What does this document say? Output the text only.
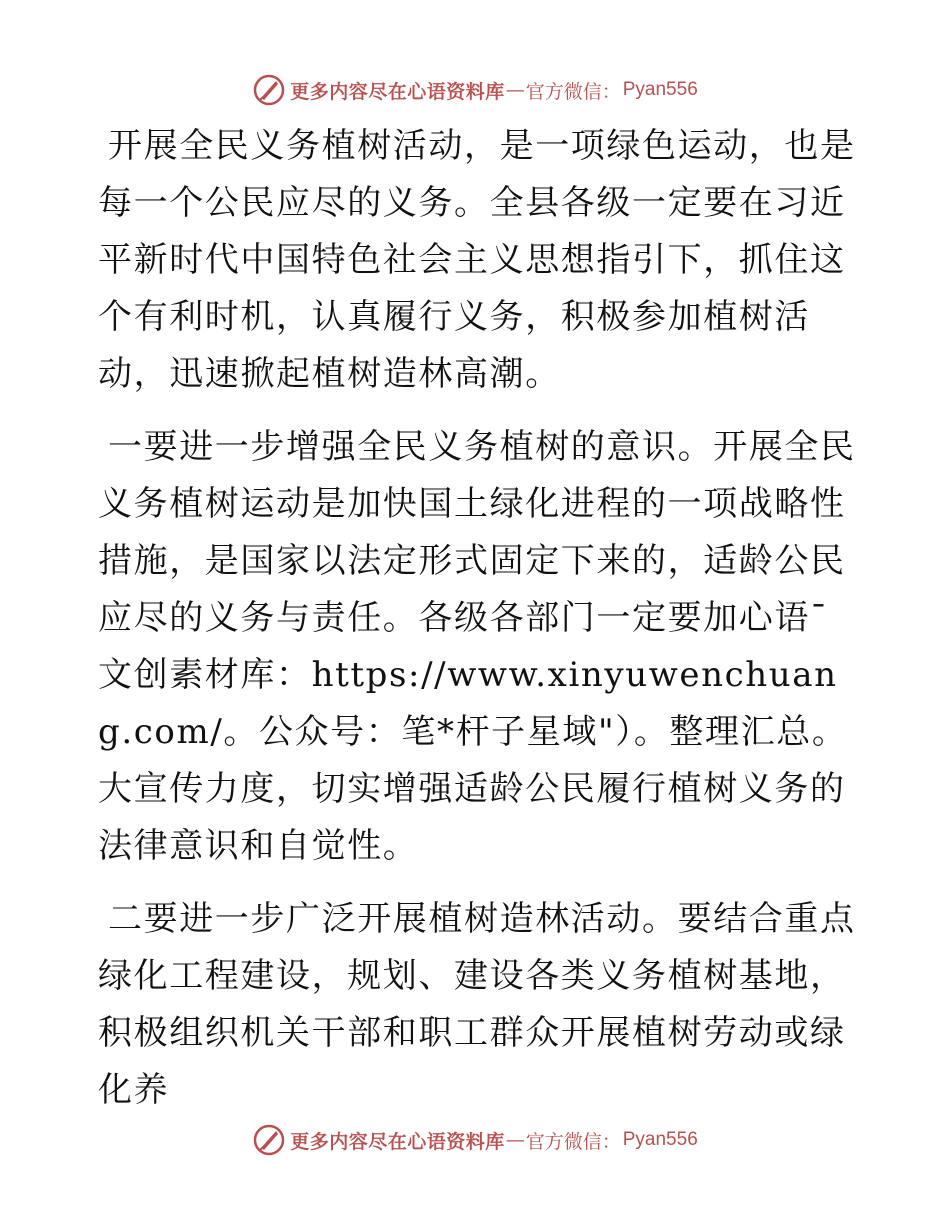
更多内容尽在心语资料库 — 官方微信： Pyan556

开展全民义务植树活动，是一项绿色运动，也是每一个公民应尽的义务。全县各级一定要在习近平新时代中国特色社会主义思想指引下，抓住这个有利时机，认真履行义务，积极参加植树活动，迅速掀起植树造林高潮。

一要进一步增强全民义务植树的意识。开展全民义务植树运动是加快国土绿化进程的一项战略性措施，是国家以法定形式固定下来的，适龄公民应尽的义务与责任。各级各部门一定要加心语¯文创素材库：https://www.xinyuwenchuang.com/。公众号：笔*杆子星域"）。整理汇总。大宣传力度，切实增强适龄公民履行植树义务的法律意识和自觉性。

二要进一步广泛开展植树造林活动。要结合重点绿化工程建设，规划、建设各类义务植树基地，积极组织机关干部和职工群众开展植树劳动或绿化养

更多内容尽在心语资料库 — 官方微信： Pyan556
